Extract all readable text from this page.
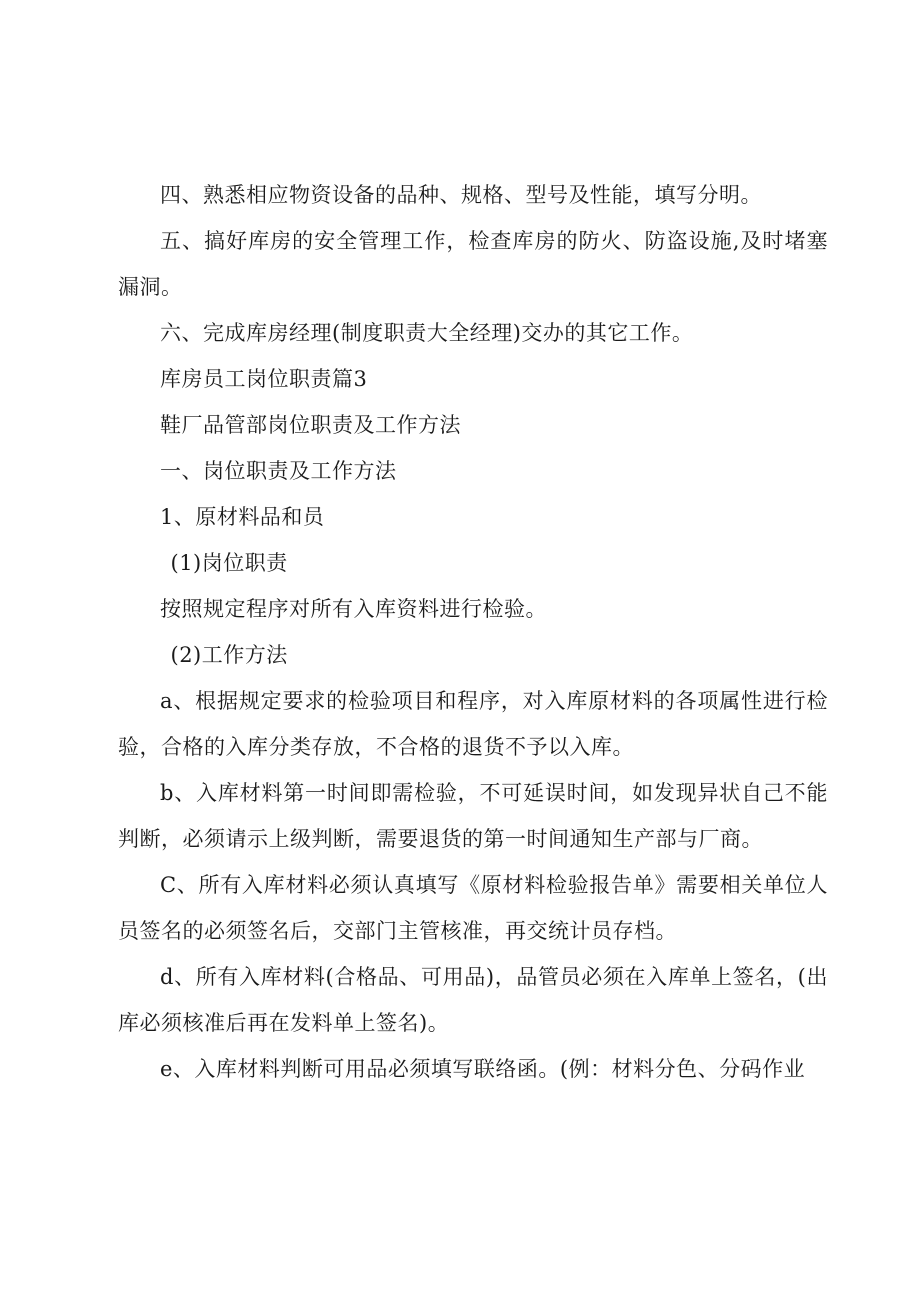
四、熟悉相应物资设备的品种、规格、型号及性能，填写分明。

五、搞好库房的安全管理工作，检查库房的防火、防盗设施,及时堵塞漏洞。

六、完成库房经理(制度职责大全经理)交办的其它工作。

库房员工岗位职责篇3

鞋厂品管部岗位职责及工作方法

一、岗位职责及工作方法

1、原材料品和员

(1)岗位职责

按照规定程序对所有入库资料进行检验。

(2)工作方法

a、根据规定要求的检验项目和程序，对入库原材料的各项属性进行检验，合格的入库分类存放，不合格的退货不予以入库。

b、入库材料第一时间即需检验，不可延误时间，如发现异状自己不能判断，必须请示上级判断，需要退货的第一时间通知生产部与厂商。

C、所有入库材料必须认真填写《原材料检验报告单》需要相关单位人员签名的必须签名后，交部门主管核准，再交统计员存档。

d、所有入库材料(合格品、可用品)，品管员必须在入库单上签名，(出库必须核准后再在发料单上签名)。

e、入库材料判断可用品必须填写联络函。(例：材料分色、分码作业
